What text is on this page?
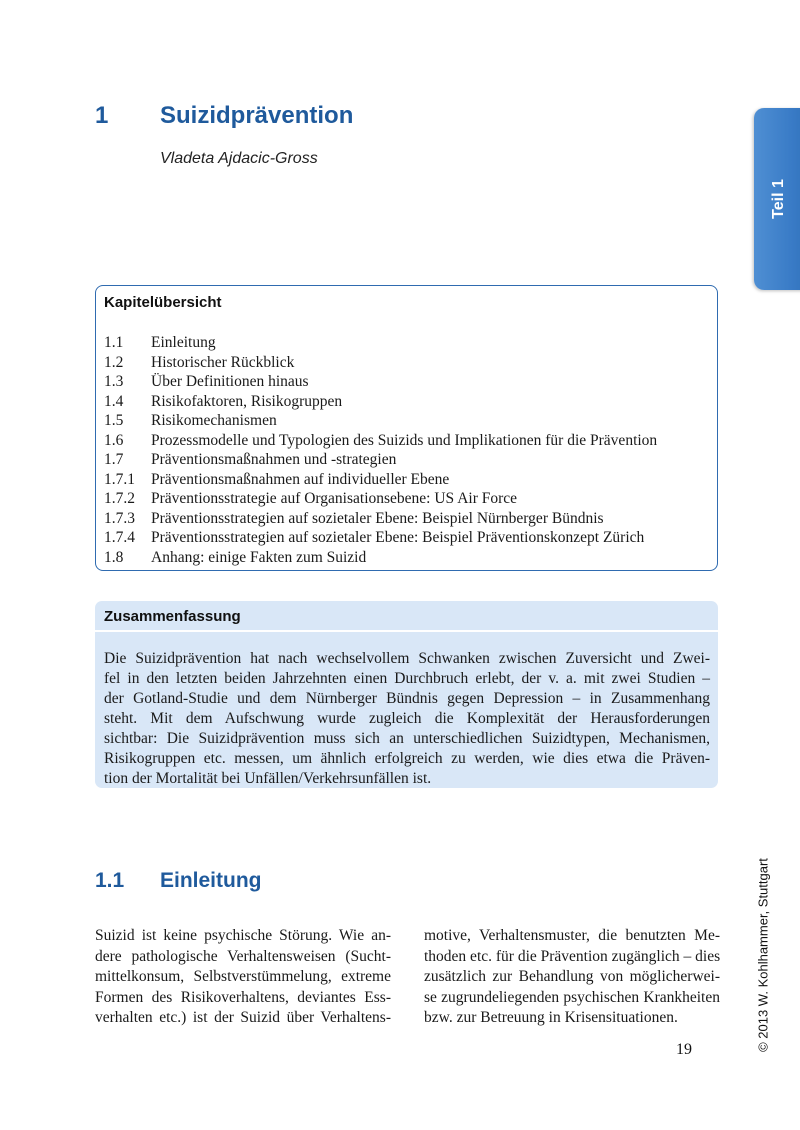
1 Suizidprävention
Vladeta Ajdacic-Gross
Teil 1
Kapitelübersicht
1.1 Einleitung
1.2 Historischer Rückblick
1.3 Über Definitionen hinaus
1.4 Risikofaktoren, Risikogruppen
1.5 Risikomechanismen
1.6 Prozessmodelle und Typologien des Suizids und Implikationen für die Prävention
1.7 Präventionsmaßnahmen und -strategien
1.7.1 Präventionsmaßnahmen auf individueller Ebene
1.7.2 Präventionsstrategie auf Organisationsebene: US Air Force
1.7.3 Präventionsstrategien auf sozietaler Ebene: Beispiel Nürnberger Bündnis
1.7.4 Präventionsstrategien auf sozietaler Ebene: Beispiel Präventionskonzept Zürich
1.8 Anhang: einige Fakten zum Suizid
Zusammenfassung
Die Suizidprävention hat nach wechselvollem Schwanken zwischen Zuversicht und Zwei-
fel in den letzten beiden Jahrzehnten einen Durchbruch erlebt, der v. a. mit zwei Studien –
der Gotland-Studie und dem Nürnberger Bündnis gegen Depression – in Zusammenhang
steht. Mit dem Aufschwung wurde zugleich die Komplexität der Herausforderungen
sichtbar: Die Suizidprävention muss sich an unterschiedlichen Suizidtypen, Mechanismen,
Risikogruppen etc. messen, um ähnlich erfolgreich zu werden, wie dies etwa die Präven-
tion der Mortalität bei Unfällen/Verkehrsunfällen ist.
1.1 Einleitung
Suizid ist keine psychische Störung. Wie an-
dere pathologische Verhaltensweisen (Sucht-
mittelkonsum, Selbstverstümmelung, extreme
Formen des Risikoverhaltens, deviantes Ess-
verhalten etc.) ist der Suizid über Verhaltens-
motive, Verhaltensmuster, die benutzten Me-
thoden etc. für die Prävention zugänglich – dies
zusätzlich zur Behandlung von möglicherwei-
se zugrundeliegenden psychischen Krankheiten
bzw. zur Betreuung in Krisensituationen.
19	© 2013 W. Kohlhammer, Stuttgart
